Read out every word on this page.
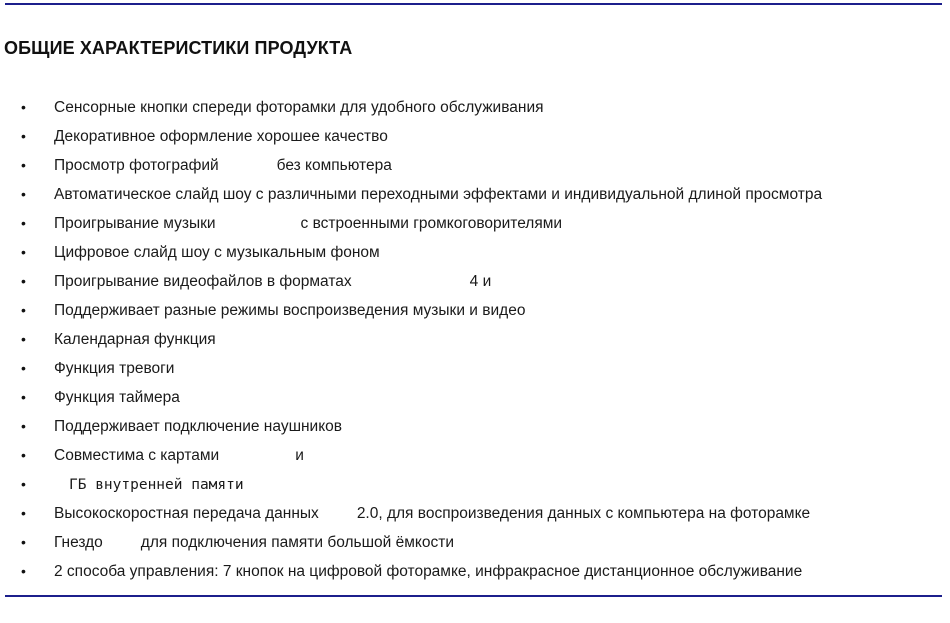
ОБЩИЕ ХАРАКТЕРИСТИКИ ПРОДУКТА
• Сенсорные кнопки спереди фоторамки для удобного обслуживания
• Декоративное оформление хорошее качество
• Просмотр фотографий	без компьютера
• Автоматическое слайд шоу с различными переходными эффектами и индивидуальной длиной просмотра
• Проигрывание музыки	с встроенными громкоговорителями
• Цифровое слайд шоу с музыкальным фоном
• Проигрывание видеофайлов в форматах	4 и
• Поддерживает разные режимы воспроизведения музыки и видео
• Календарная функция
• Функция тревоги
• Функция таймера
• Поддерживает подключение наушников
• Совместима с картами	и
•	ГБ внутренней памяти
• Высокоскоростная передача данных 2.0, для воспроизведения данных с компьютера на фоторамке
• Гнездо для подключения памяти большой ёмкости
• 2 способа управления: 7 кнопок на цифровой фоторамке, инфракрасное дистанционное обслуживание
